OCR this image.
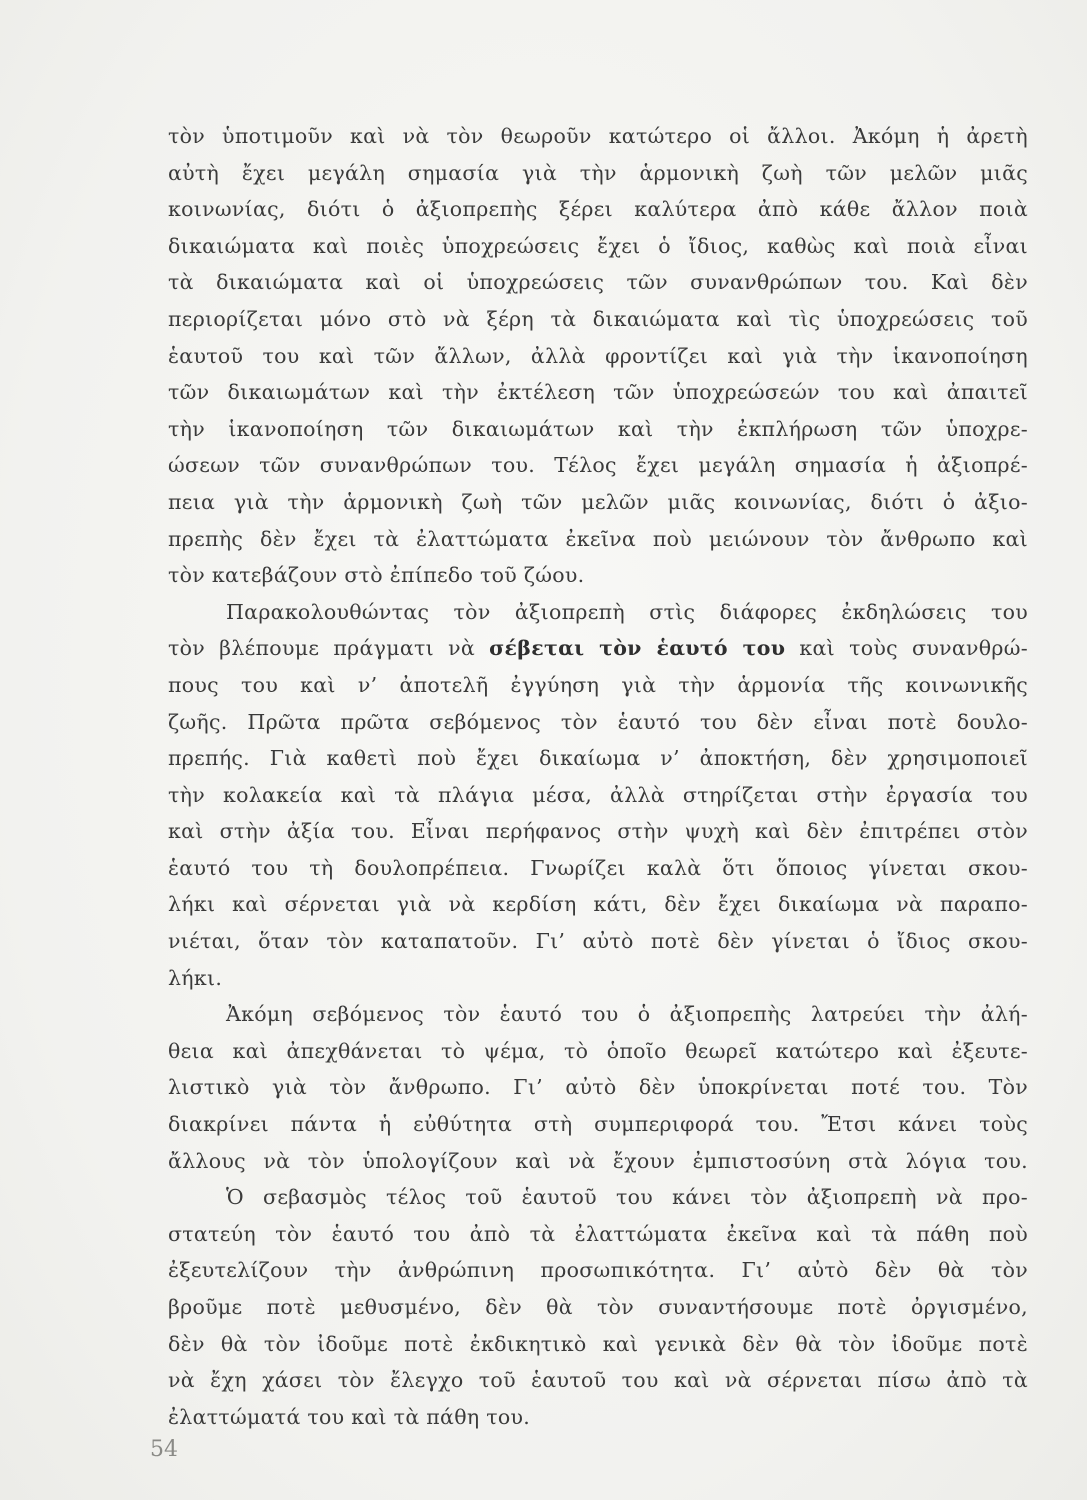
τὸν ὑποτιμοῦν καὶ νὰ τὸν θεωροῦν κατώτερο οἱ ἄλλοι. Ἀκόμη ἡ ἀρετὴ
αὐτὴ ἔχει μεγάλη σημασία γιὰ τὴν ἁρμονικὴ ζωὴ τῶν μελῶν μιᾶς
κοινωνίας, διότι ὁ ἀξιοπρεπὴς ξέρει καλύτερα ἀπὸ κάθε ἄλλον ποιὰ
δικαιώματα καὶ ποιὲς ὑποχρεώσεις ἔχει ὁ ἴδιος, καθὼς καὶ ποιὰ εἶναι
τὰ δικαιώματα καὶ οἱ ὑποχρεώσεις τῶν συνανθρώπων του. Καὶ δὲν
περιορίζεται μόνο στὸ νὰ ξέρη τὰ δικαιώματα καὶ τὶς ὑποχρεώσεις τοῦ
ἑαυτοῦ του καὶ τῶν ἄλλων, ἀλλὰ φροντίζει καὶ γιὰ τὴν ἱκανοποίηση
τῶν δικαιωμάτων καὶ τὴν ἐκτέλεση τῶν ὑποχρεώσεών του καὶ ἀπαιτεῖ
τὴν ἱκανοποίηση τῶν δικαιωμάτων καὶ τὴν ἐκπλήρωση τῶν ὑποχρε-
ώσεων τῶν συνανθρώπων του. Τέλος ἔχει μεγάλη σημασία ἡ ἀξιοπρέ-
πεια γιὰ τὴν ἁρμονικὴ ζωὴ τῶν μελῶν μιᾶς κοινωνίας, διότι ὁ ἀξιο-
πρεπὴς δὲν ἔχει τὰ ἐλαττώματα ἐκεῖνα ποὺ μειώνουν τὸν ἄνθρωπο καὶ
τὸν κατεβάζουν στὸ ἐπίπεδο τοῦ ζώου.
Παρακολουθώντας τὸν ἀξιοπρεπὴ στὶς διάφορες ἐκδηλώσεις του
τὸν βλέπουμε πράγματι νὰ σέβεται τὸν ἑαυτό του καὶ τοὺς συνανθρώ-
πους του καὶ ν’ ἀποτελῆ ἐγγύηση γιὰ τὴν ἁρμονία τῆς κοινωνικῆς
ζωῆς. Πρῶτα πρῶτα σεβόμενος τὸν ἑαυτό του δὲν εἶναι ποτὲ δουλο-
πρεπής. Γιὰ καθετὶ ποὺ ἔχει δικαίωμα ν’ ἀποκτήση, δὲν χρησιμοποιεῖ
τὴν κολακεία καὶ τὰ πλάγια μέσα, ἀλλὰ στηρίζεται στὴν ἐργασία του
καὶ στὴν ἀξία του. Εἶναι περήφανος στὴν ψυχὴ καὶ δὲν ἐπιτρέπει στὸν
ἑαυτό του τὴ δουλοπρέπεια. Γνωρίζει καλὰ ὅτι ὅποιος γίνεται σκου-
λήκι καὶ σέρνεται γιὰ νὰ κερδίση κάτι, δὲν ἔχει δικαίωμα νὰ παραπο-
νιέται, ὅταν τὸν καταπατοῦν. Γι’ αὐτὸ ποτὲ δὲν γίνεται ὁ ἴδιος σκου-
λήκι.
Ἀκόμη σεβόμενος τὸν ἑαυτό του ὁ ἀξιοπρεπὴς λατρεύει τὴν ἀλή-
θεια καὶ ἀπεχθάνεται τὸ ψέμα, τὸ ὁποῖο θεωρεῖ κατώτερο καὶ ἐξευτε-
λιστικὸ γιὰ τὸν ἄνθρωπο. Γι’ αὐτὸ δὲν ὑποκρίνεται ποτέ του. Τὸν
διακρίνει πάντα ἡ εὐθύτητα στὴ συμπεριφορά του. Ἔτσι κάνει τοὺς
ἄλλους νὰ τὸν ὑπολογίζουν καὶ νὰ ἔχουν ἐμπιστοσύνη στὰ λόγια του.
Ὁ σεβασμὸς τέλος τοῦ ἑαυτοῦ του κάνει τὸν ἀξιοπρεπὴ νὰ προ-
στατεύη τὸν ἑαυτό του ἀπὸ τὰ ἐλαττώματα ἐκεῖνα καὶ τὰ πάθη ποὺ
ἐξευτελίζουν τὴν ἀνθρώπινη προσωπικότητα. Γι’ αὐτὸ δὲν θὰ τὸν
βροῦμε ποτὲ μεθυσμένο, δὲν θὰ τὸν συναντήσουμε ποτὲ ὀργισμένο,
δὲν θὰ τὸν ἰδοῦμε ποτὲ ἐκδικητικὸ καὶ γενικὰ δὲν θὰ τὸν ἰδοῦμε ποτὲ
νὰ ἔχη χάσει τὸν ἔλεγχο τοῦ ἑαυτοῦ του καὶ νὰ σέρνεται πίσω ἀπὸ τὰ
ἐλαττώματά του καὶ τὰ πάθη του.
54
